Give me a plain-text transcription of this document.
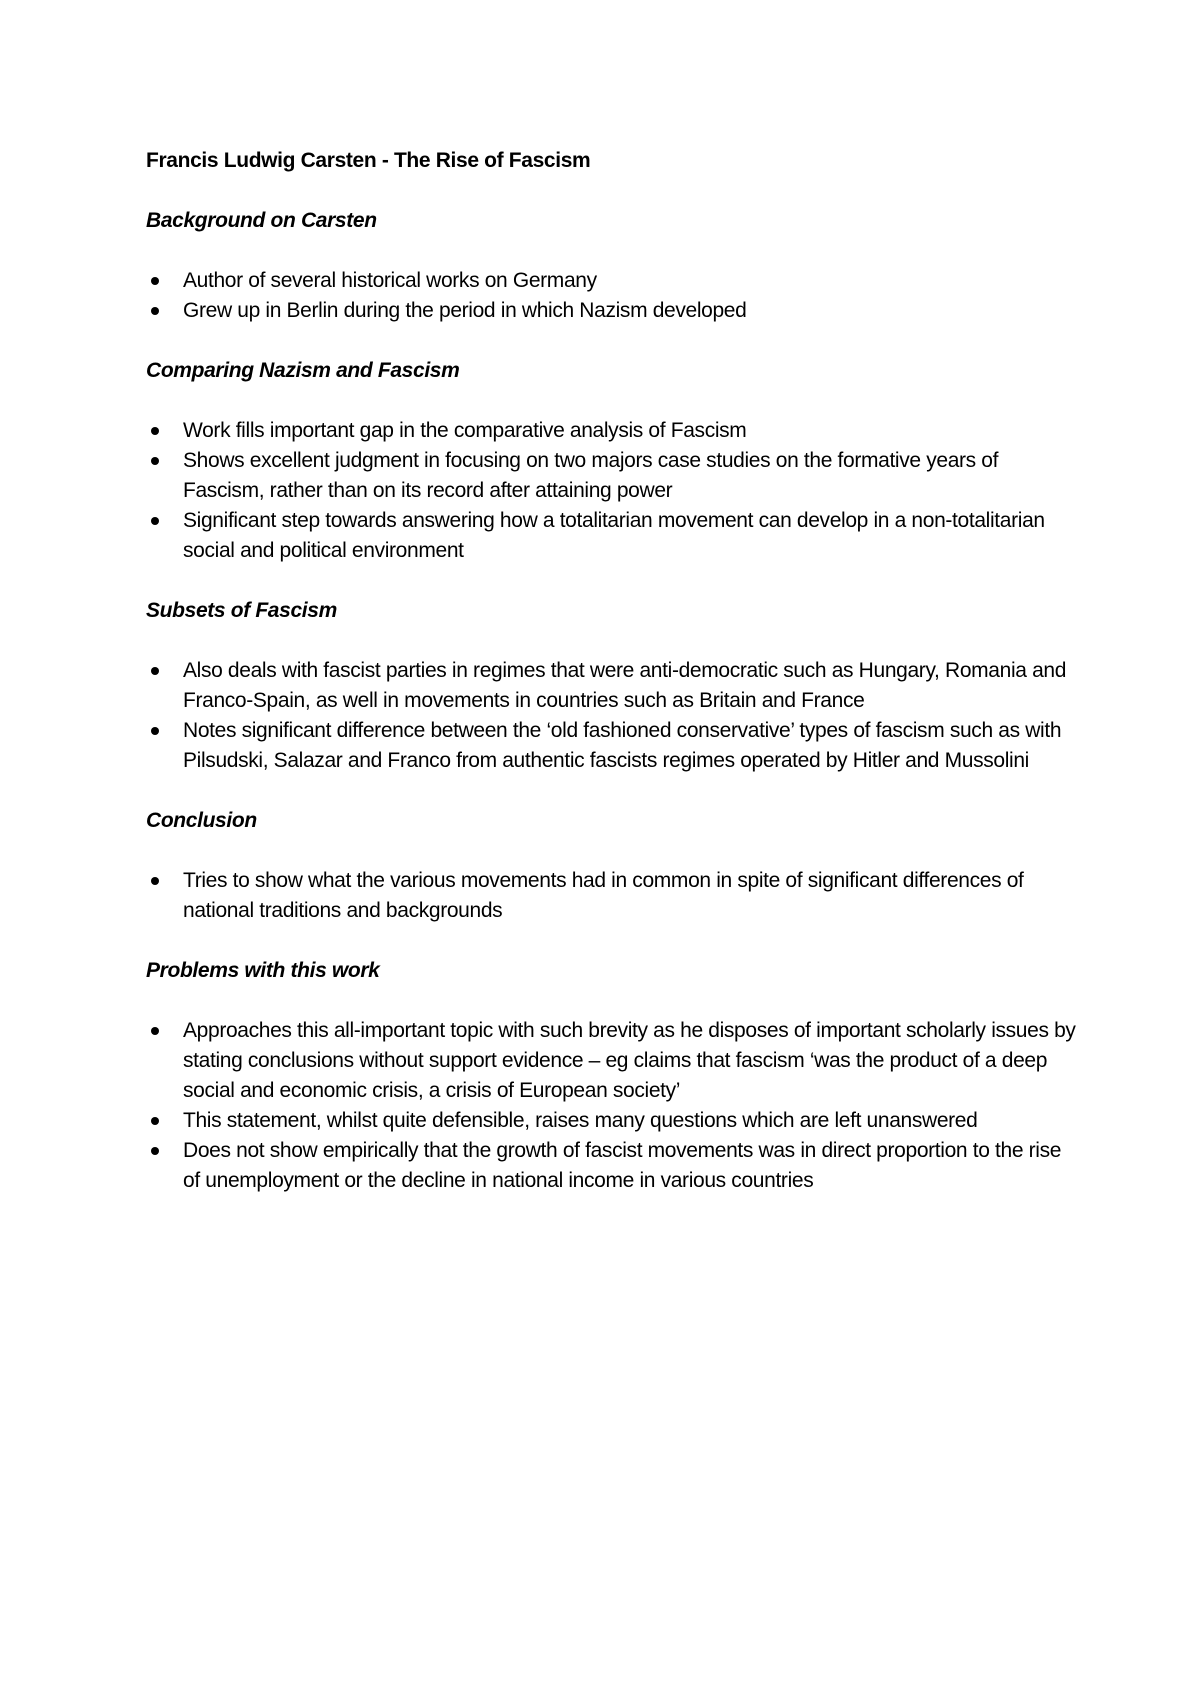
Francis Ludwig Carsten - The Rise of Fascism
Background on Carsten
Author of several historical works on Germany
Grew up in Berlin during the period in which Nazism developed
Comparing Nazism and Fascism
Work fills important gap in the comparative analysis of Fascism
Shows excellent judgment in focusing on two majors case studies on the formative years of Fascism, rather than on its record after attaining power
Significant step towards answering how a totalitarian movement can develop in a non-totalitarian social and political environment
Subsets of Fascism
Also deals with fascist parties in regimes that were anti-democratic such as Hungary, Romania and Franco-Spain, as well in movements in countries such as Britain and France
Notes significant difference between the ‘old fashioned conservative’ types of fascism such as with Pilsudski, Salazar and Franco from authentic fascists regimes operated by Hitler and Mussolini
Conclusion
Tries to show what the various movements had in common in spite of significant differences of national traditions and backgrounds
Problems with this work
Approaches this all-important topic with such brevity as he disposes of important scholarly issues by stating conclusions without support evidence – eg claims that fascism ‘was the product of a deep social and economic crisis, a crisis of European society’
This statement, whilst quite defensible, raises many questions which are left unanswered
Does not show empirically that the growth of fascist movements was in direct proportion to the rise of unemployment or the decline in national income in various countries
